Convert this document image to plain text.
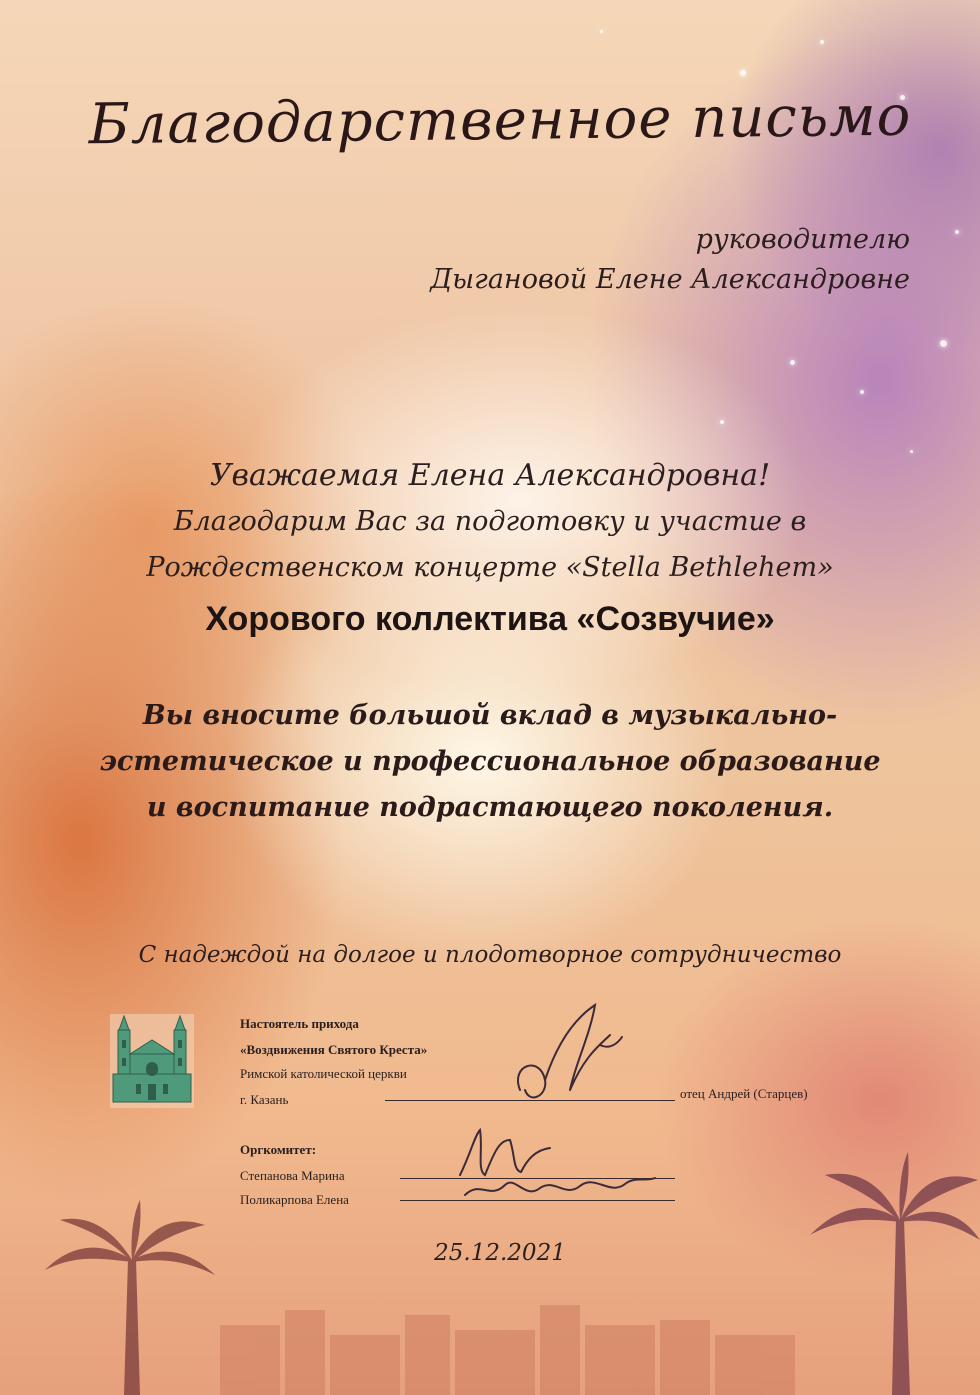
Благодарственное письмо
руководителю
Дыгановой Елене Александровне
Уважаемая Елена Александровна!
Благодарим Вас за подготовку и участие в
Рождественском концерте «Stella Bethlehem»
Хорового коллектива «Созвучие»
Вы вносите большой вклад в музыкально-
эстетическое и профессиональное образование
и воспитание подрастающего поколения.
С надеждой на долгое и плодотворное сотрудничество
Настоятель прихода
«Воздвижения Святого Креста»
Римской католической церкви
г. Казань	отец Андрей (Старцев)
Оргкомитет:
Степанова Марина
Поликарпова Елена
25.12.2021
